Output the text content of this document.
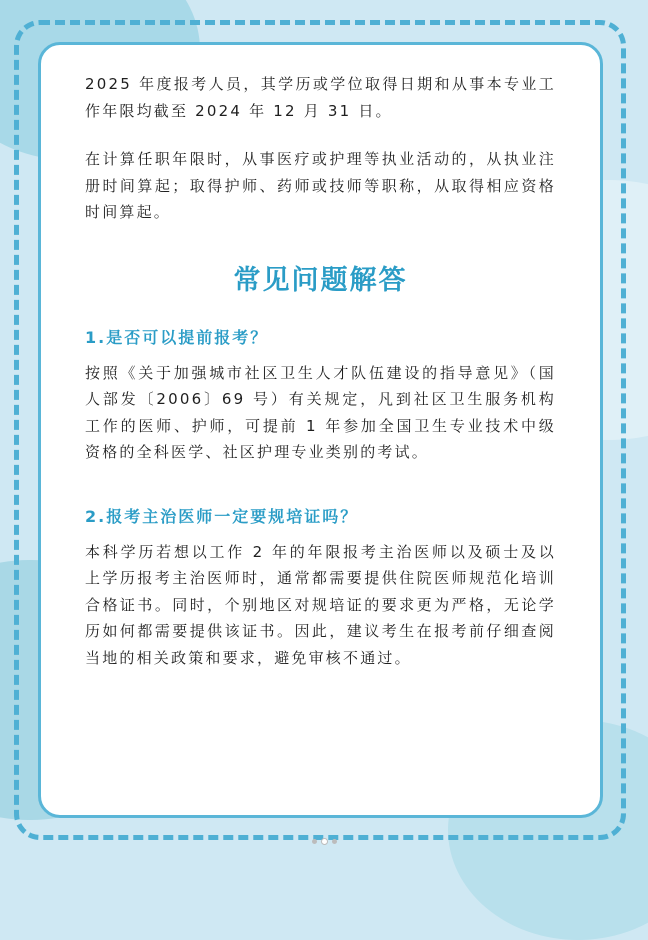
2025 年度报考人员，其学历或学位取得日期和从事本专业工作年限均截至 2024 年 12 月 31 日。

在计算任职年限时，从事医疗或护理等执业活动的，从执业注册时间算起；取得护师、药师或技师等职称，从取得相应资格时间算起。

常见问题解答
1.是否可以提前报考？

按照《关于加强城市社区卫生人才队伍建设的指导意见》（国人部发〔2006〕69 号）有关规定，凡到社区卫生服务机构工作的医师、护师，可提前 1 年参加全国卫生专业技术中级资格的全科医学、社区护理专业类别的考试。

2.报考主治医师一定要规培证吗？

本科学历若想以工作 2 年的年限报考主治医师以及硕士及以上学历报考主治医师时，通常都需要提供住院医师规范化培训合格证书。同时，个别地区对规培证的要求更为严格，无论学历如何都需要提供该证书。因此，建议考生在报考前仔细查阅当地的相关政策和要求，避免审核不通过。
